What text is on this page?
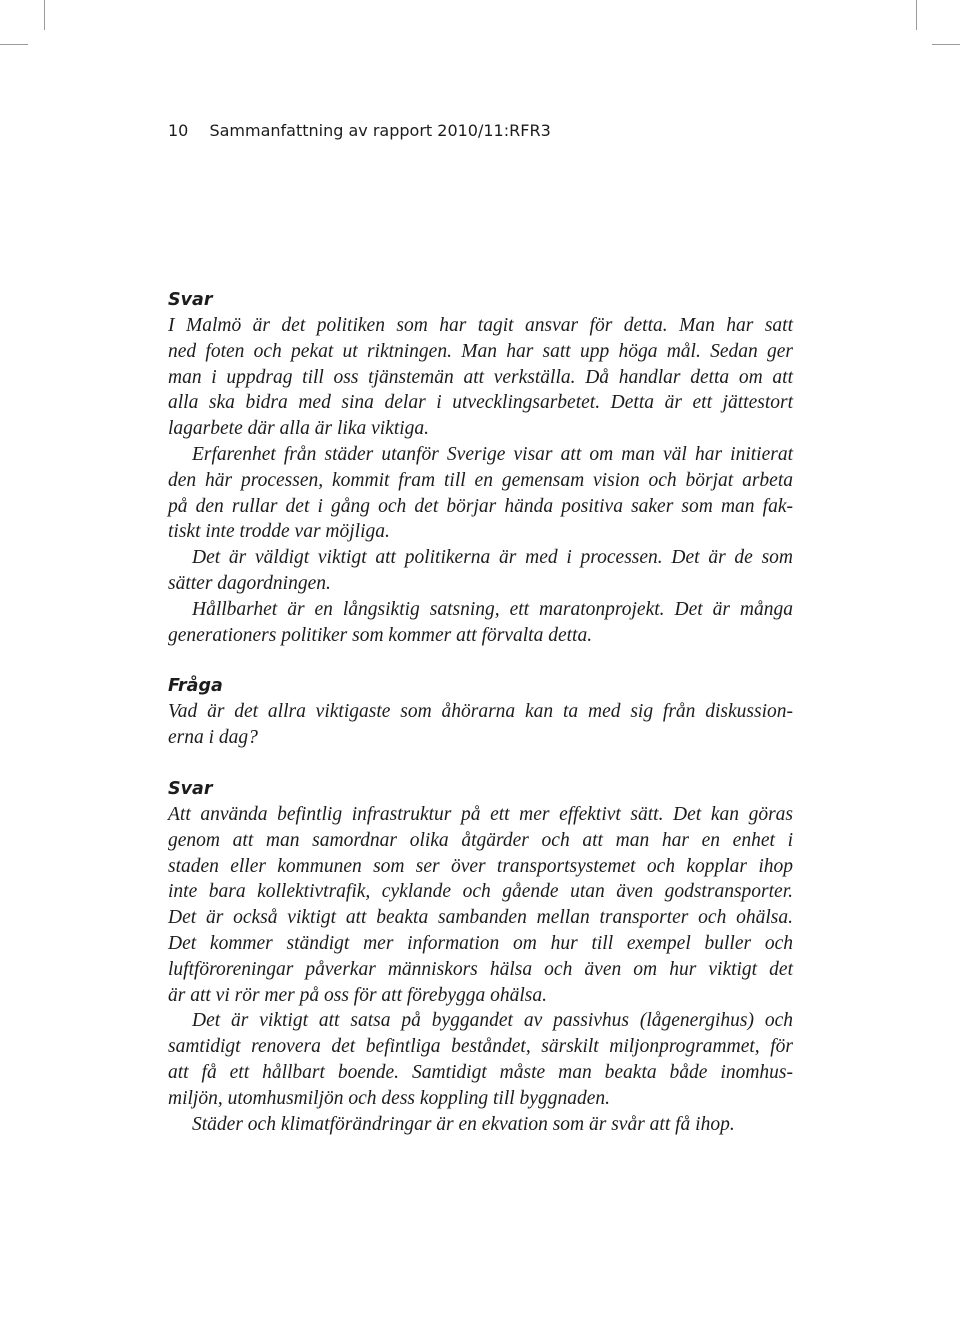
10 Sammanfattning av rapport 2010/11:RFR3

Svar

I Malmö är det politiken som har tagit ansvar för detta. Man har satt
ned foten och pekat ut riktningen. Man har satt upp höga mål. Sedan ger
man i uppdrag till oss tjänstemän att verkställa. Då handlar detta om att
alla ska bidra med sina delar i utvecklingsarbetet. Detta är ett jättestort
lagarbete där alla är lika viktiga.

Erfarenhet från städer utanför Sverige visar att om man väl har initierat
den här processen, kommit fram till en gemensam vision och börjat arbeta
på den rullar det i gång och det börjar hända positiva saker som man fak-
tiskt inte trodde var möjliga.

Det är väldigt viktigt att politikerna är med i processen. Det är de som
sätter dagordningen.

Hållbarhet är en långsiktig satsning, ett maratonprojekt. Det är många
generationers politiker som kommer att förvalta detta.

Fråga

Vad är det allra viktigaste som åhörarna kan ta med sig från diskussion-
erna i dag?

Svar

Att använda befintlig infrastruktur på ett mer effektivt sätt. Det kan göras
genom att man samordnar olika åtgärder och att man har en enhet i
staden eller kommunen som ser över transportsystemet och kopplar ihop
inte bara kollektivtrafik, cyklande och gående utan även godstransporter.
Det är också viktigt att beakta sambanden mellan transporter och ohälsa.
Det kommer ständigt mer information om hur till exempel buller och
luftföroreningar påverkar människors hälsa och även om hur viktigt det
är att vi rör mer på oss för att förebygga ohälsa.

Det är viktigt att satsa på byggandet av passivhus (lågenergihus) och
samtidigt renovera det befintliga beståndet, särskilt miljonprogrammet, för
att få ett hållbart boende. Samtidigt måste man beakta både inomhus-
miljön, utomhusmiljön och dess koppling till byggnaden.

Städer och klimatförändringar är en ekvation som är svår att få ihop.
